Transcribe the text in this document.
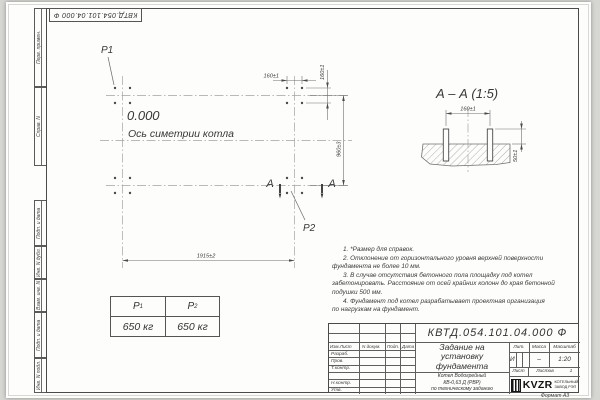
КВТД.054.101.04.000 Ф
Перв. примен.
Справ. N
Подп. и дата
Инв. N дубл.
Взам. инв. N
Подп. и дата
Инв. N подл.
P1
P2
0.000
Ось симетрии котла
160±1	160±1
960±3
1915±2
А	А
А – А (1:5)
160±1
50±1
1. *Размер для справок.
2. Отклонение от горизонтального уровня верхней поверхности
фундамента не более 10 мм.
3. В случае отсутствия бетонного пола площадку под котел
забетонировать. Расстояние от осей крайних колонн до края бетонной
подушки 500 мм.
4. Фундамент под котел разрабатывает проектная организация
по нагрузкам на фундамент.
P 1	P 2
650 кг	650 кг
Изм.Лист N докум. Подп. Дата
Разраб.
Пров.
Т.контр.
Н.контр.
Утв.
КВТД.054.101.04.000 Ф
Задание на
установку
фундамента
Котел Водогрейный
КВ-0,63 Д (РВР)
по техническому заданию
Лит.	Масса	Масштаб
И	–	1:20
Лист	Листов	1
KVZR КОТЕЛЬНЫЙ
ЗАВОД РЭП
Формат А3
